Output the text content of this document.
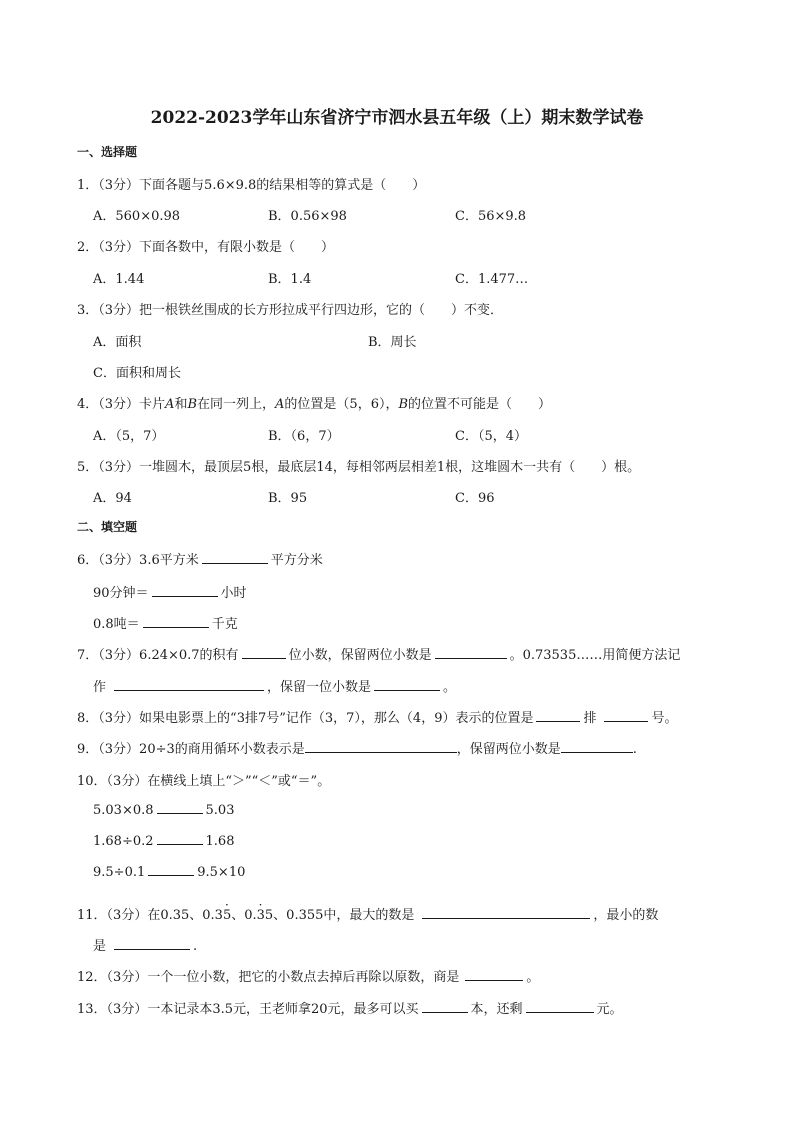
2022-2023学年山东省济宁市泗水县五年级（上）期末数学试卷
一、选择题
1．（3分）下面各题与5.6×9.8的结果相等的算式是（　　）
A．560×0.98	B．0.56×98	C．56×9.8
2．（3分）下面各数中，有限小数是（　　）
A．1.44	B．1.4	C．1.477…
3．（3分）把一根铁丝围成的长方形拉成平行四边形，它的（　　）不变．
A．面积	B．周长
C．面积和周长
4．（3分）卡片A和B在同一列上，A的位置是（5，6），B的位置不可能是（　　）
A．（5，7）	B．（6，7）	C．（5，4）
5．（3分）一堆圆木，最顶层5根，最底层14，每相邻两层相差1根，这堆圆木一共有（　　）根。
A．94	B．95	C．96
二、填空题
6．（3分）3.6平方米	平方分米
90分钟＝	小时
0.8吨＝	千克
7．（3分）6.24×0.7的积有	位小数，保留两位小数是	。0.73535……用简便方法记
作	，保留一位小数是	。
8．（3分）如果电影票上的“3排7号”记作（3，7），那么（4，9）表示的位置是	排	号。
9．（3分）20÷3的商用循环小数表示是	，保留两位小数是	.
10．（3分）在横线上填上“＞”“＜”或“＝”。
5.03×0.8	5.03
1.68÷0.2	1.68
9.5÷0.1	9.5×10
11．（3分）在0.35、0.35 ·、0.3 ·5、0.355中，最大的数是	，最小的数
是	.
12．（3分）一个一位小数，把它的小数点去掉后再除以原数，商是	。
13．（3分）一本记录本3.5元，王老师拿20元，最多可以买	本，还剩	元。
